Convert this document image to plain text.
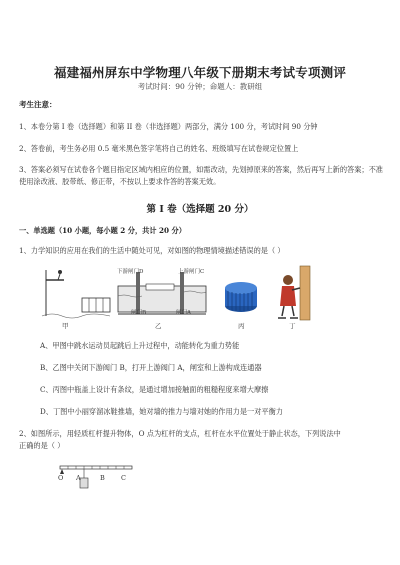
福建福州屏东中学物理八年级下册期末考试专项测评
考试时间：90 分钟；命题人：教研组
考生注意：
1、本卷分第 I 卷（选择题）和第 II 卷（非选择题）两部分，满分 100 分，考试时间 90 分钟
2、答卷前，考生务必用 0.5 毫米黑色签字笔将自己的姓名、班级填写在试卷规定位置上
3、答案必须写在试卷各个题目指定区域内相应的位置，如需改动，先划掉原来的答案，然后再写上新的答案；不准使用涂改液、胶带纸、修正带，不按以上要求作答的答案无效。
第 I 卷（选择题 20 分）
一、单选题（10 小题，每小题 2 分，共计 20 分）
1、力学知识的应用在我们的生活中随处可见，对如图的物理情境描述错误的是（ ）
甲
下游闸门D	上游闸门C
闸门B	闸门A
乙	丙	丁
A、甲图中跳水运动员起跳后上升过程中，动能转化为重力势能
B、乙图中关闭下游阀门 B，打开上游阀门 A，闸室和上游构成连通器
C、丙图中瓶盖上设计有条纹，是通过增加接触面的粗糙程度来增大摩擦
D、丁图中小丽穿溜冰鞋推墙，她对墙的推力与墙对她的作用力是一对平衡力
2、如图所示，用轻质杠杆提升物体，O 点为杠杆的支点，杠杆在水平位置处于静止状态，下列说法中
正确的是（ ）
O A	B C
